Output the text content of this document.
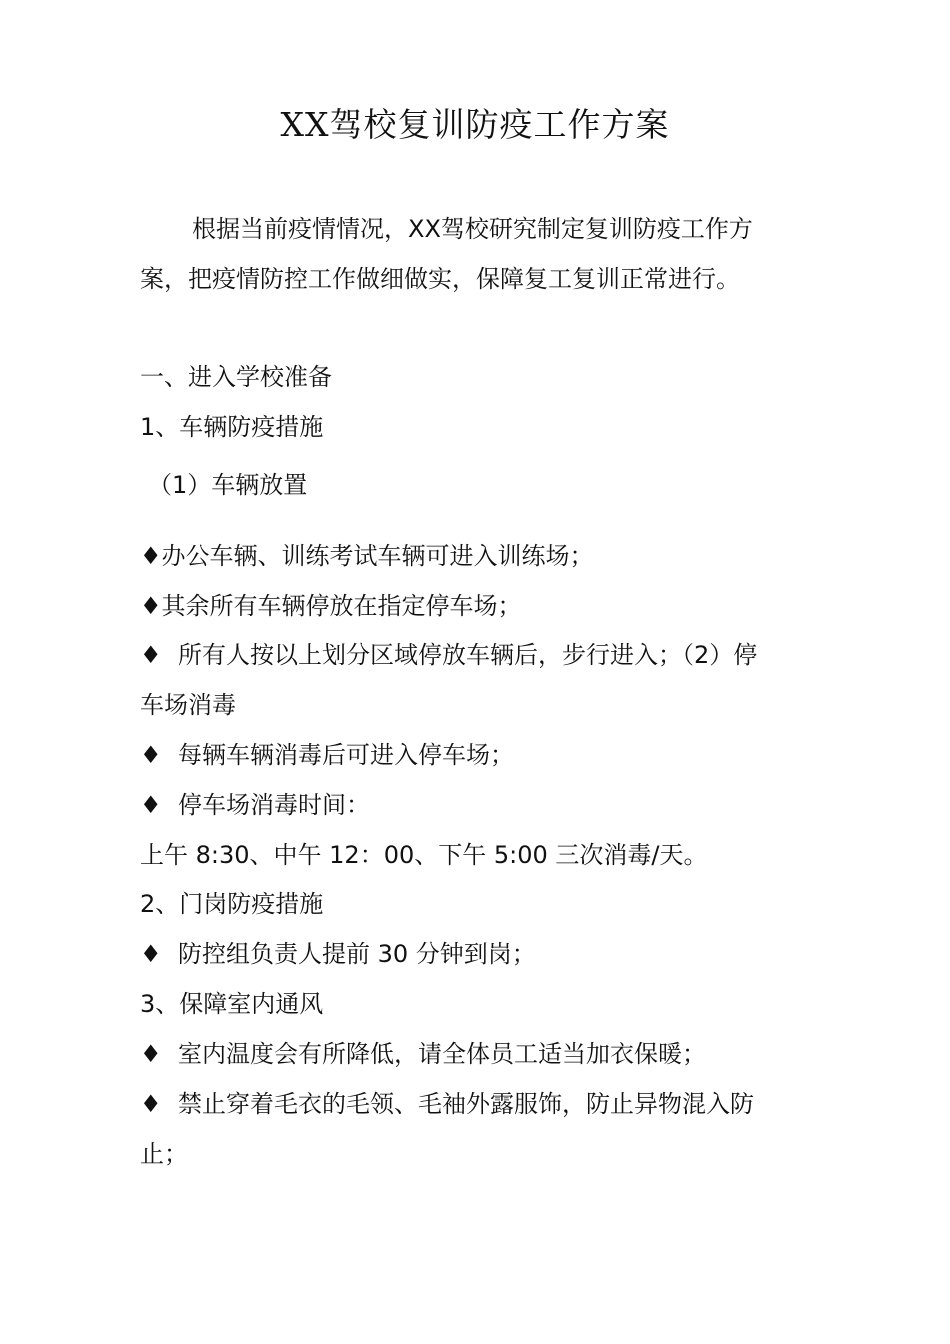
XX驾校复训防疫工作方案
根据当前疫情情况，XX驾校研究制定复训防疫工作方
案，把疫情防控工作做细做实，保障复工复训正常进行。
一、进入学校准备
1、车辆防疫措施
（1）车辆放置
♦办公车辆、训练考试车辆可进入训练场；
♦其余所有车辆停放在指定停车场；
♦ 所有人按以上划分区域停放车辆后，步行进入；（2）停
车场消毒
♦ 每辆车辆消毒后可进入停车场；
♦ 停车场消毒时间：
上午 8:30、中午 12：00、下午 5:00 三次消毒/天。
2、门岗防疫措施
♦ 防控组负责人提前 30 分钟到岗；
3、保障室内通风
♦ 室内温度会有所降低，请全体员工适当加衣保暖；
♦ 禁止穿着毛衣的毛领、毛袖外露服饰，防止异物混入防
止；
